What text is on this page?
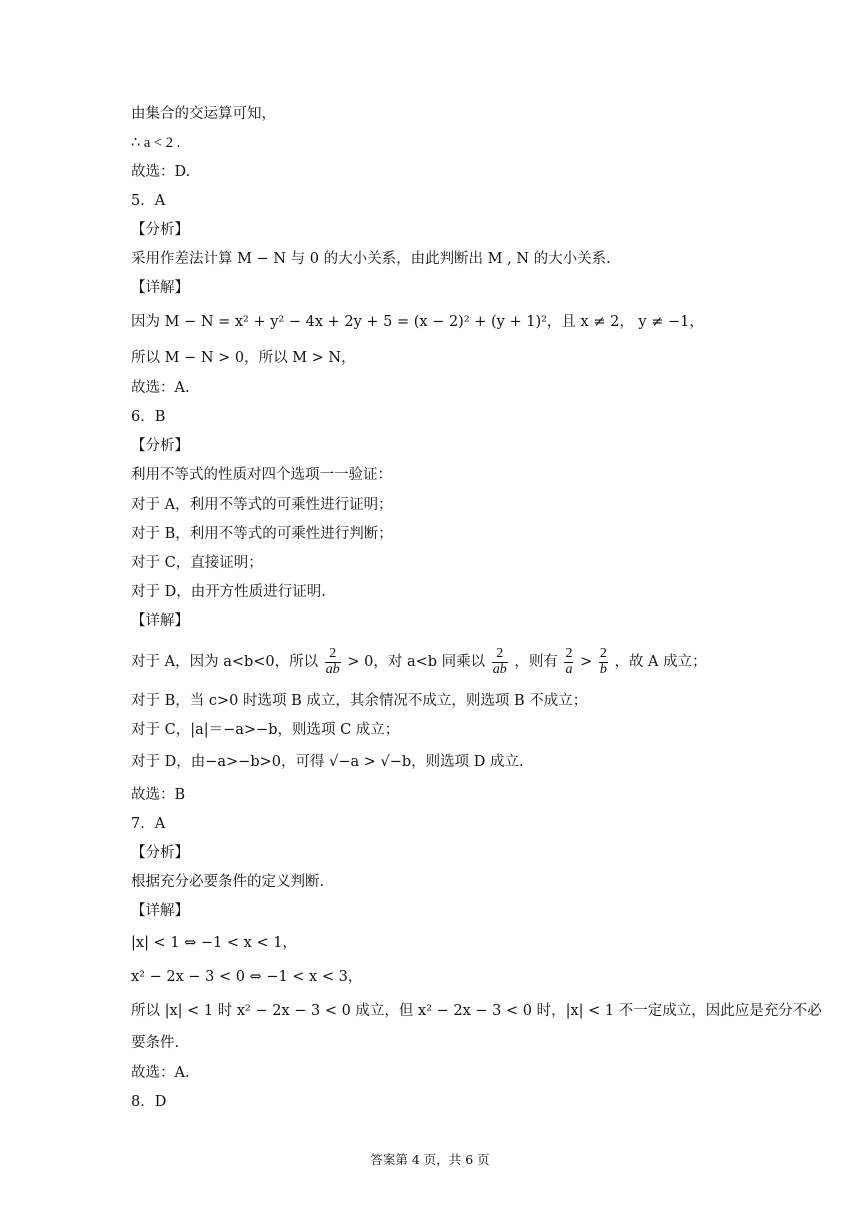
由集合的交运算可知，
∴ a < 2 .
故选：D.
5．A
【分析】
采用作差法计算 M − N 与 0 的大小关系，由此判断出 M , N 的大小关系.
【详解】
因为 M − N = x² + y² − 4x + 2y + 5 = (x − 2)² + (y + 1)²，且 x ≠ 2， y ≠ −1，
所以 M − N > 0，所以 M > N，
故选：A.
6．B
【分析】
利用不等式的性质对四个选项一一验证：
对于 A，利用不等式的可乘性进行证明；
对于 B，利用不等式的可乘性进行判断；
对于 C，直接证明；
对于 D，由开方性质进行证明.
【详解】
对于 A，因为 a<b<0，所以 $\frac{2}{ab} > 0$，对 a<b 同乘以 $\frac{2}{ab}$ ，则有 $\frac{2}{a} > \frac{2}{b}$ ，故 A 成立；
对于 B，当 c>0 时选项 B 成立，其余情况不成立，则选项 B 不成立；
对于 C，|a|＝−a>−b，则选项 C 成立；
对于 D，由−a>−b>0，可得 √−a > √−b，则选项 D 成立.
故选：B
7．A
【分析】
根据充分必要条件的定义判断.
【详解】
|x| < 1 ⇔ −1 < x < 1，
x² − 2x − 3 < 0 ⇔ −1 < x < 3，
所以 |x| < 1 时 x² − 2x − 3 < 0 成立，但 x² − 2x − 3 < 0 时，|x| < 1 不一定成立，因此应是充分不必
要条件.
故选：A.
8．D
答案第 4 页，共 6 页
